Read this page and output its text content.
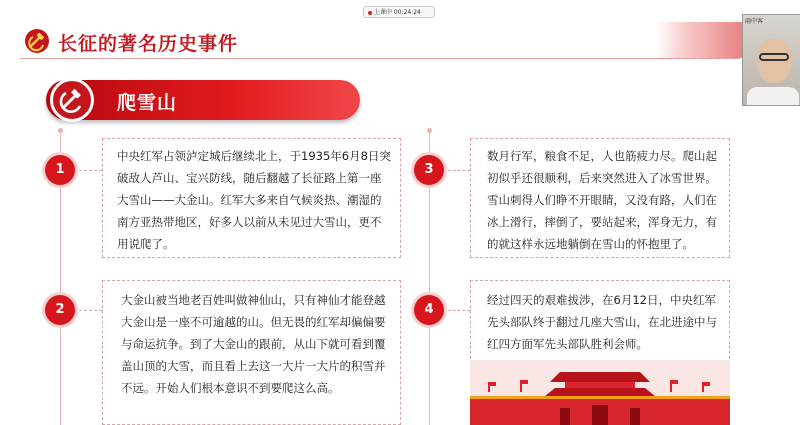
上课中 00:24:24
长征的著名历史事件
雨中客
爬雪山
1
2
3
4
中央红军占领泸定城后继续北上，于1935年6月8日突破敌人芦山、宝兴防线，随后翻越了长征路上第一座大雪山——大金山。红军大多来自气候炎热、潮湿的南方亚热带地区，好多人以前从未见过大雪山，更不用说爬了。
大金山被当地老百姓叫做神仙山，只有神仙才能登越大金山是一座不可逾越的山。但无畏的红军却偏偏要与命运抗争。到了大金山的跟前，从山下就可看到覆盖山顶的大雪，而且看上去这一大片一大片的积雪并不远。开始人们根本意识不到要爬这么高。
数月行军，粮食不足，人也筋疲力尽。爬山起初似乎还很顺利，后来突然进入了冰雪世界。雪山刺得人们睁不开眼睛，又没有路，人们在冰上滑行，摔倒了，要站起来，浑身无力，有的就这样永远地躺倒在雪山的怀抱里了。
经过四天的艰难拔涉，在6月12日，中央红军先头部队终于翻过几座大雪山，在北进途中与红四方面军先头部队胜利会师。
